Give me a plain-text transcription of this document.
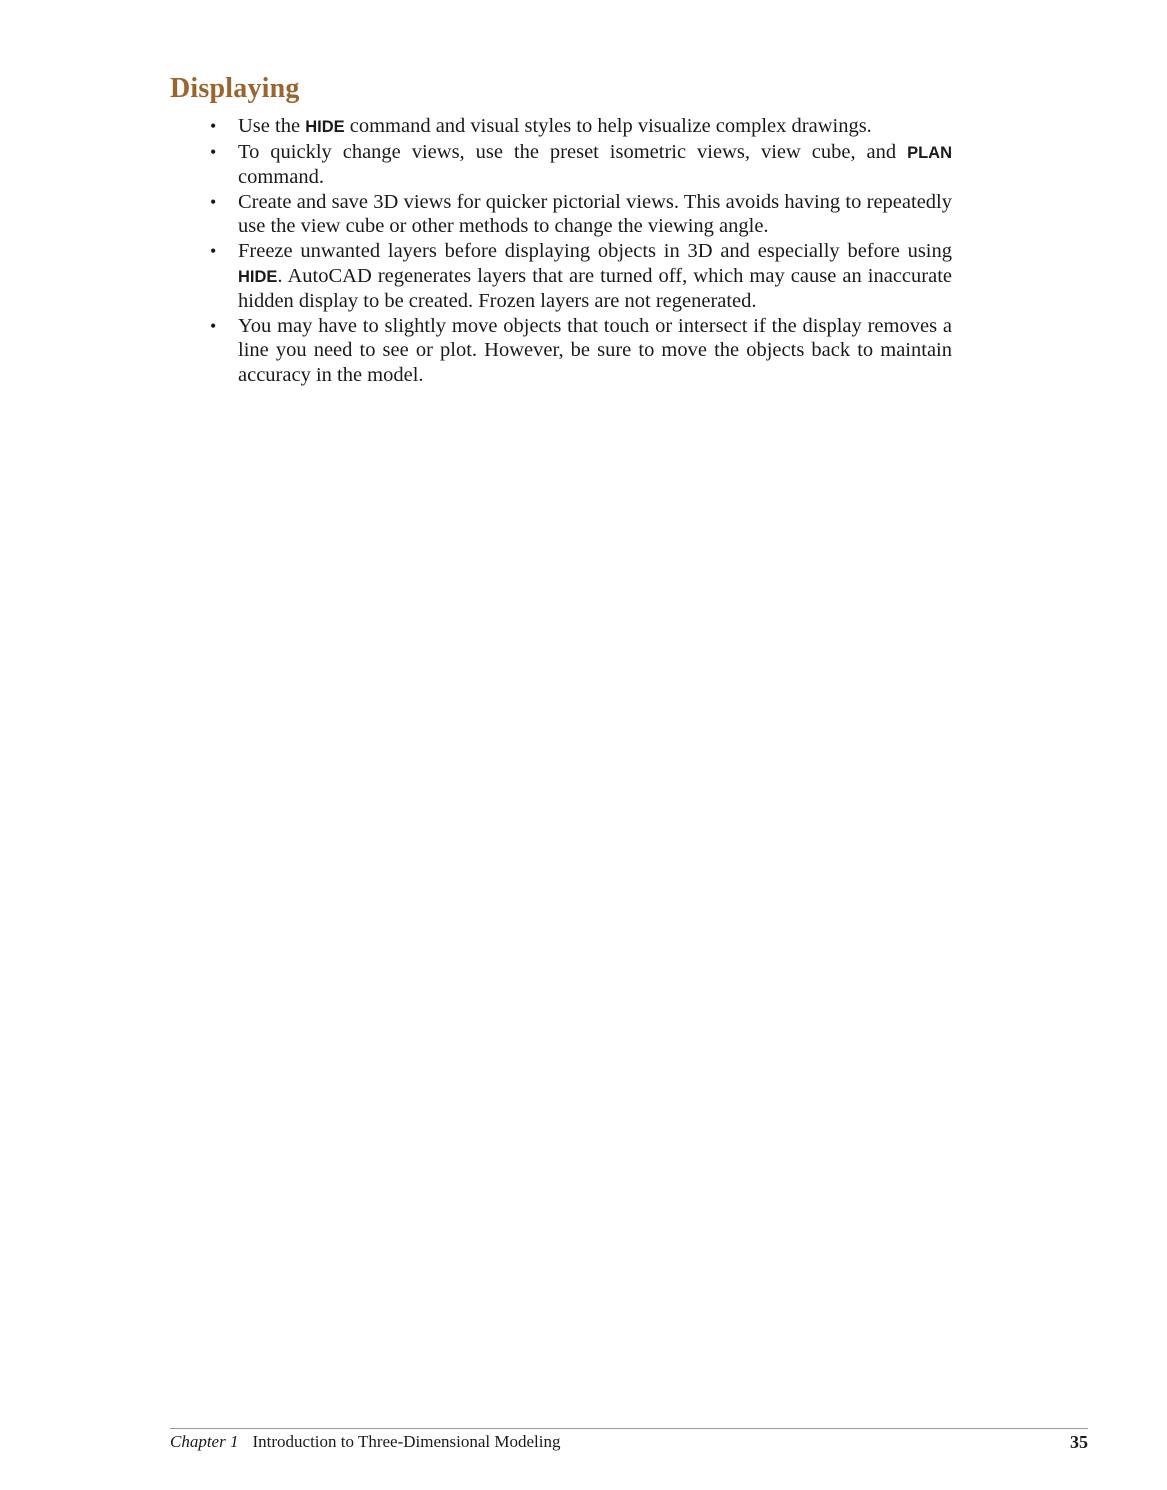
Displaying
• Use the HIDE command and visual styles to help visualize complex drawings.
• To quickly change views, use the preset isometric views, view cube, and PLAN command.
• Create and save 3D views for quicker pictorial views. This avoids having to repeatedly use the view cube or other methods to change the viewing angle.
• Freeze unwanted layers before displaying objects in 3D and especially before using HIDE. AutoCAD regenerates layers that are turned off, which may cause an inaccurate hidden display to be created. Frozen layers are not regenerated.
• You may have to slightly move objects that touch or intersect if the display removes a line you need to see or plot. However, be sure to move the objects back to maintain accuracy in the model.
Chapter 1 Introduction to Three-Dimensional Modeling	35
